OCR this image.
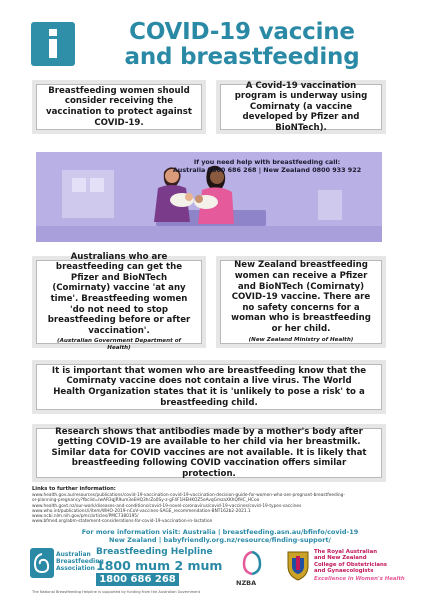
COVID-19 vaccine
and breastfeeding
Breastfeeding women should consider receiving the vaccination to protect against COVID-19.
A Covid-19 vaccination program is underway using Comirnaty (a vaccine developed by Pfizer and BioNTech).
If you need help with breastfeeding call:
Australia 1800 686 268 | New Zealand 0800 933 922
Australians who are breastfeeding can get the Pfizer and BioNTech (Comirnaty) vaccine 'at any time'. Breastfeeding women 'do not need to stop breastfeeding before or after vaccination'.
(Australian Government Department of Health)
New Zealand breastfeeding women can receive a Pfizer and BioNTech (Comirnaty) COVID-19 vaccine. There are no safety concerns for a woman who is breastfeeding or her child.
(New Zealand Ministry of Health)
It is important that women who are breastfeeding know that the Comirnaty vaccine does not contain a live virus. The World Health Organization states that it is 'unlikely to pose a risk' to a breastfeeding child.
Research shows that antibodies made by a mother's body after getting COVID-19 are available to her child via her breastmilk. Similar data for COVID vaccines are not available. It is likely that breastfeeding following COVID vaccination offers similar protection.
Links to further information:
www.health.gov.au/resources/publications/covid-19-vaccination-covid-19-vaccination-decision-guide-for-women-who-are-pregnant-breastfeeding-
or-planning-pregnancy?fbclid=IwAR3qJR9um3eEHQ3hrZo0Sy-z-gF4F1HEHKOZ5eAvqGmzaXKhQfHC_HCoo
www.health.govt.nz/our-work/diseases-and-conditions/covid-19-novel-coronavirus/covid-19-vaccines/covid-19-types-vaccines
www.who.int/publications/i/item/WHO-2019-nCoV-vaccines-SAGE_recommendation-BNT162b2-2021.1
www.ncbi.nlm.nih.gov/pmc/articles/PMC7380195/
www.bfmed.org/abm-statement-considerations-for-covid-19-vaccination-in-lactation
For more information visit: Australia | breastfeeding.asn.au/bfinfo/covid-19
New Zealand | babyfriendly.org.nz/resource/finding-support/
Australian
Breastfeeding
Association
Breastfeeding Helpline
1800 mum 2 mum
1800 686 268	NZBA
The Royal Australian
and New Zealand
College of Obstetricians
and Gynaecologists
Excellence in Women's Health
The National Breastfeeding Helpline is supported by funding from the Australian Government
